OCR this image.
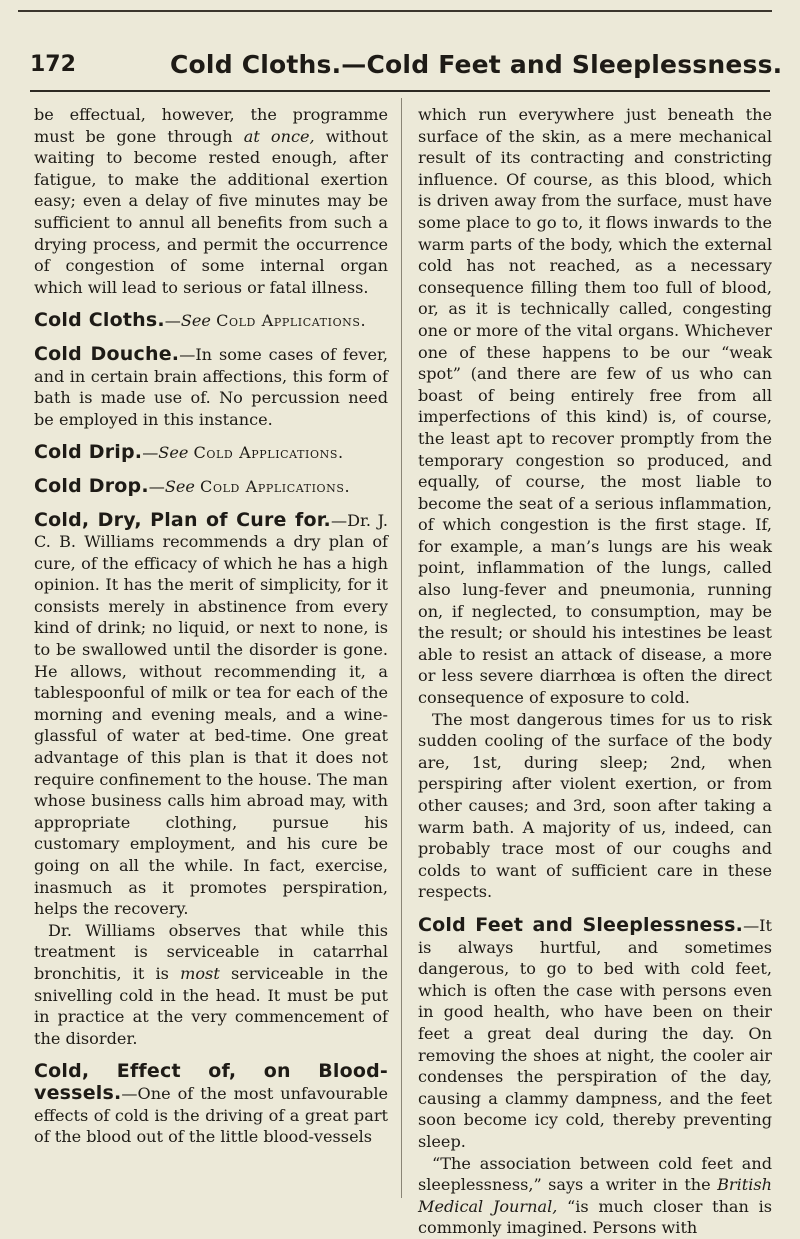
172	Cold Cloths.—Cold Feet and Sleeplessness.

be effectual, however, the programme must be gone through at once, without waiting to become rested enough, after fatigue, to make the additional exertion easy; even a delay of five minutes may be sufficient to annul all benefits from such a drying process, and permit the occurrence of congestion of some internal organ which will lead to serious or fatal illness.

Cold Cloths.—See Cold Applications.

Cold Douche.—In some cases of fever, and in certain brain affections, this form of bath is made use of. No percussion need be employed in this instance.

Cold Drip.—See Cold Applications.

Cold Drop.—See Cold Applications.

Cold, Dry, Plan of Cure for.—Dr. J. C. B. Williams recommends a dry plan of cure, of the efficacy of which he has a high opinion. It has the merit of simplicity, for it consists merely in abstinence from every kind of drink; no liquid, or next to none, is to be swallowed until the disorder is gone. He allows, without recommending it, a tablespoonful of milk or tea for each of the morning and evening meals, and a wine-glassful of water at bed-time. One great advantage of this plan is that it does not require confinement to the house. The man whose business calls him abroad may, with appropriate clothing, pursue his customary employment, and his cure be going on all the while. In fact, exercise, inasmuch as it promotes perspiration, helps the recovery.

Dr. Williams observes that while this treatment is serviceable in catarrhal bronchitis, it is most serviceable in the snivelling cold in the head. It must be put in practice at the very commencement of the disorder.

Cold, Effect of, on Blood-vessels.—One of the most unfavourable effects of cold is the driving of a great part of the blood out of the little blood-vessels

which run everywhere just beneath the surface of the skin, as a mere mechanical result of its contracting and constricting influence. Of course, as this blood, which is driven away from the surface, must have some place to go to, it flows inwards to the warm parts of the body, which the external cold has not reached, as a necessary consequence filling them too full of blood, or, as it is technically called, congesting one or more of the vital organs. Whichever one of these happens to be our “weak spot” (and there are few of us who can boast of being entirely free from all imperfections of this kind) is, of course, the least apt to recover promptly from the temporary congestion so produced, and equally, of course, the most liable to become the seat of a serious inflammation, of which congestion is the first stage. If, for example, a man’s lungs are his weak point, inflammation of the lungs, called also lung-fever and pneumonia, running on, if neglected, to consumption, may be the result; or should his intestines be least able to resist an attack of disease, a more or less severe diarrhœa is often the direct consequence of exposure to cold.

The most dangerous times for us to risk sudden cooling of the surface of the body are, 1st, during sleep; 2nd, when perspiring after violent exertion, or from other causes; and 3rd, soon after taking a warm bath. A majority of us, indeed, can probably trace most of our coughs and colds to want of sufficient care in these respects.

Cold Feet and Sleeplessness.—It is always hurtful, and sometimes dangerous, to go to bed with cold feet, which is often the case with persons even in good health, who have been on their feet a great deal during the day. On removing the shoes at night, the cooler air condenses the perspiration of the day, causing a clammy dampness, and the feet soon become icy cold, thereby preventing sleep.

“The association between cold feet and sleeplessness,” says a writer in the British Medical Journal, “is much closer than is commonly imagined. Persons with
